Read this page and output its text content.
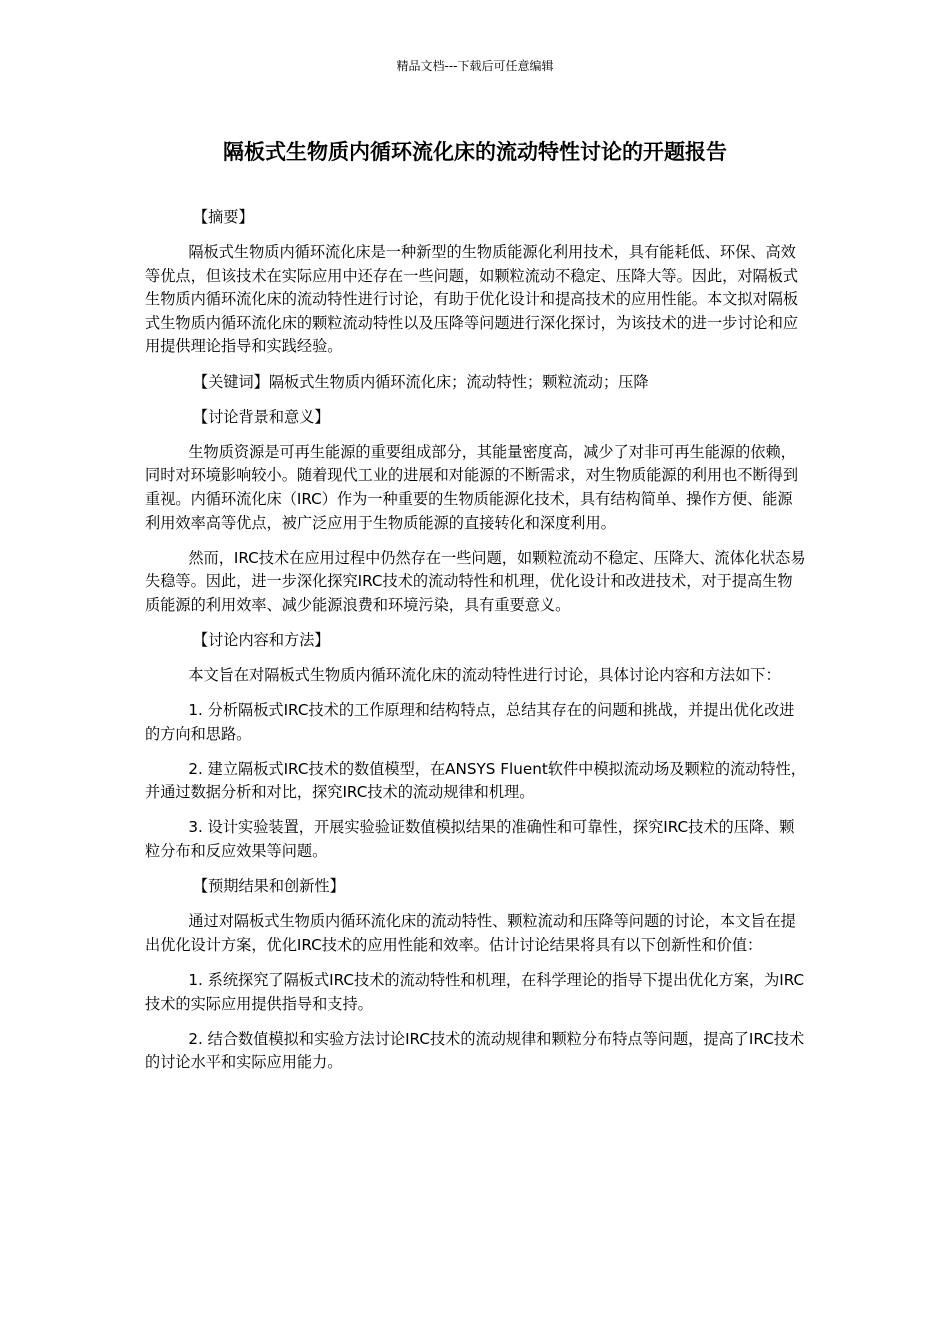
精品文档---下载后可任意编辑
隔板式生物质内循环流化床的流动特性讨论的开题报告

【摘要】

隔板式生物质内循环流化床是一种新型的生物质能源化利用技术，具有能耗低、环保、高效等优点，但该技术在实际应用中还存在一些问题，如颗粒流动不稳定、压降大等。因此，对隔板式生物质内循环流化床的流动特性进行讨论，有助于优化设计和提高技术的应用性能。本文拟对隔板式生物质内循环流化床的颗粒流动特性以及压降等问题进行深化探讨，为该技术的进一步讨论和应用提供理论指导和实践经验。

【关键词】隔板式生物质内循环流化床；流动特性；颗粒流动；压降

【讨论背景和意义】

生物质资源是可再生能源的重要组成部分，其能量密度高，减少了对非可再生能源的依赖，同时对环境影响较小。随着现代工业的进展和对能源的不断需求，对生物质能源的利用也不断得到重视。内循环流化床（IRC）作为一种重要的生物质能源化技术，具有结构简单、操作方便、能源利用效率高等优点，被广泛应用于生物质能源的直接转化和深度利用。

然而，IRC技术在应用过程中仍然存在一些问题，如颗粒流动不稳定、压降大、流体化状态易失稳等。因此，进一步深化探究IRC技术的流动特性和机理，优化设计和改进技术，对于提高生物质能源的利用效率、减少能源浪费和环境污染，具有重要意义。

【讨论内容和方法】

本文旨在对隔板式生物质内循环流化床的流动特性进行讨论，具体讨论内容和方法如下：

1. 分析隔板式IRC技术的工作原理和结构特点，总结其存在的问题和挑战，并提出优化改进的方向和思路。

2. 建立隔板式IRC技术的数值模型，在ANSYS Fluent软件中模拟流动场及颗粒的流动特性，并通过数据分析和对比，探究IRC技术的流动规律和机理。

3. 设计实验装置，开展实验验证数值模拟结果的准确性和可靠性，探究IRC技术的压降、颗粒分布和反应效果等问题。

【预期结果和创新性】

通过对隔板式生物质内循环流化床的流动特性、颗粒流动和压降等问题的讨论，本文旨在提出优化设计方案，优化IRC技术的应用性能和效率。估计讨论结果将具有以下创新性和价值：

1. 系统探究了隔板式IRC技术的流动特性和机理，在科学理论的指导下提出优化方案，为IRC技术的实际应用提供指导和支持。

2. 结合数值模拟和实验方法讨论IRC技术的流动规律和颗粒分布特点等问题，提高了IRC技术的讨论水平和实际应用能力。
